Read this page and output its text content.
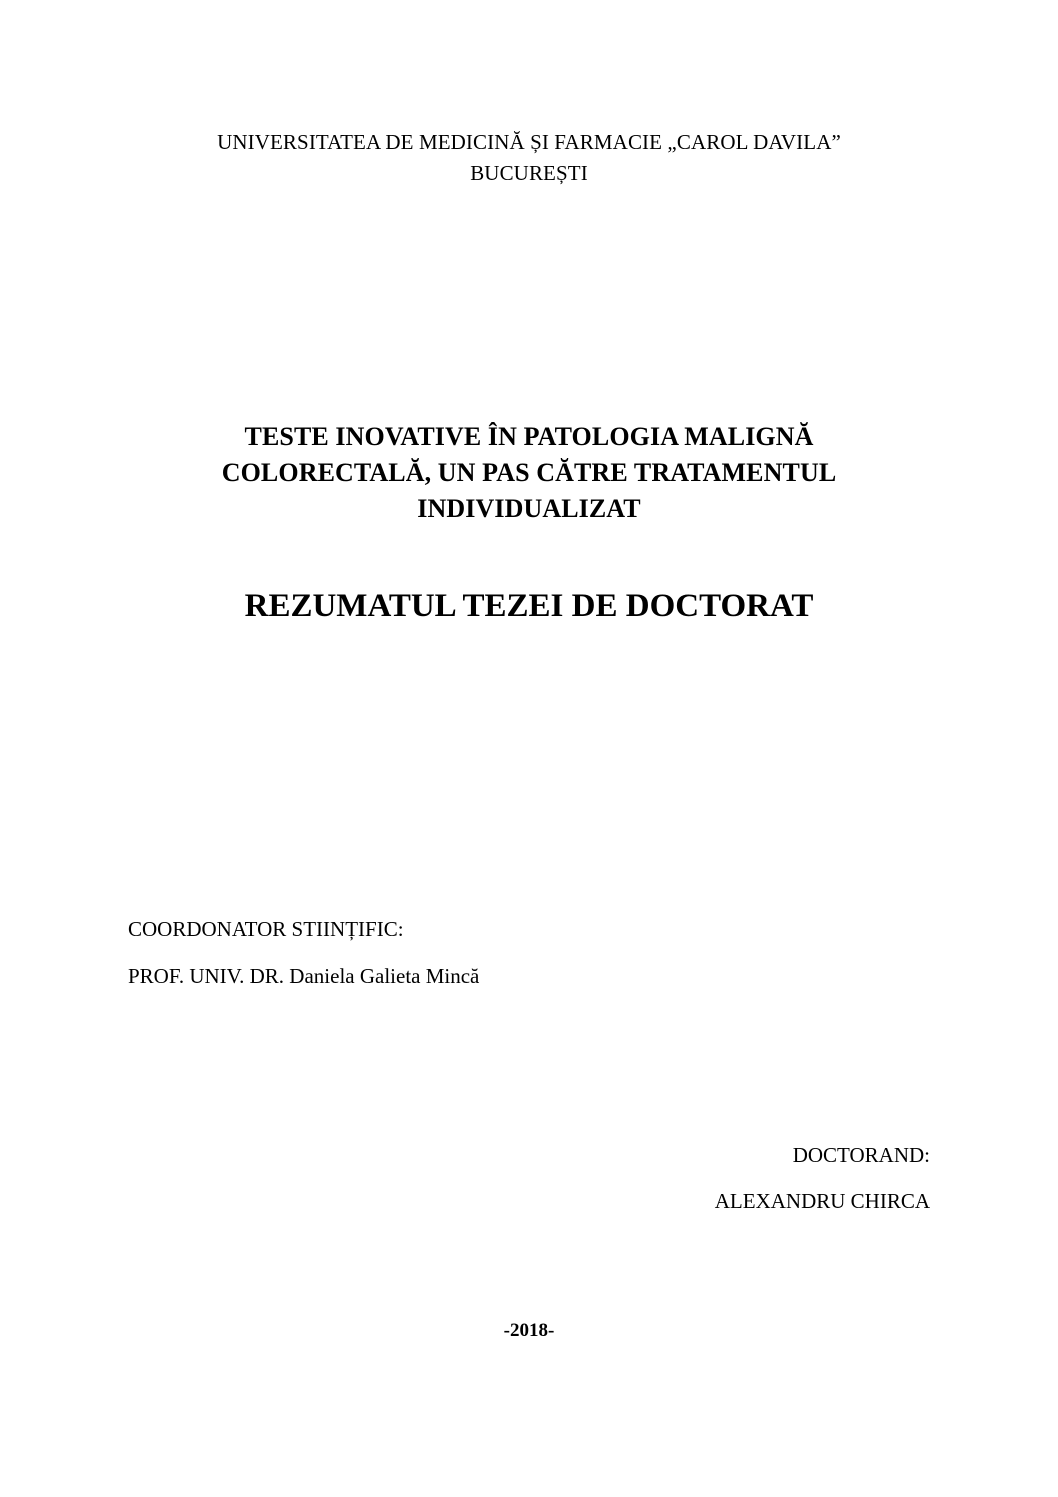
UNIVERSITATEA DE MEDICINĂ ȘI FARMACIE „CAROL DAVILA”
BUCUREȘTI
TESTE INOVATIVE ÎN PATOLOGIA MALIGNĂ
COLORECTALĂ, UN PAS CĂTRE TRATAMENTUL
INDIVIDUALIZAT
REZUMATUL TEZEI DE DOCTORAT
COORDONATOR STIINȚIFIC:
PROF. UNIV. DR. Daniela Galieta Mincă
DOCTORAND:
ALEXANDRU CHIRCA
-2018-
